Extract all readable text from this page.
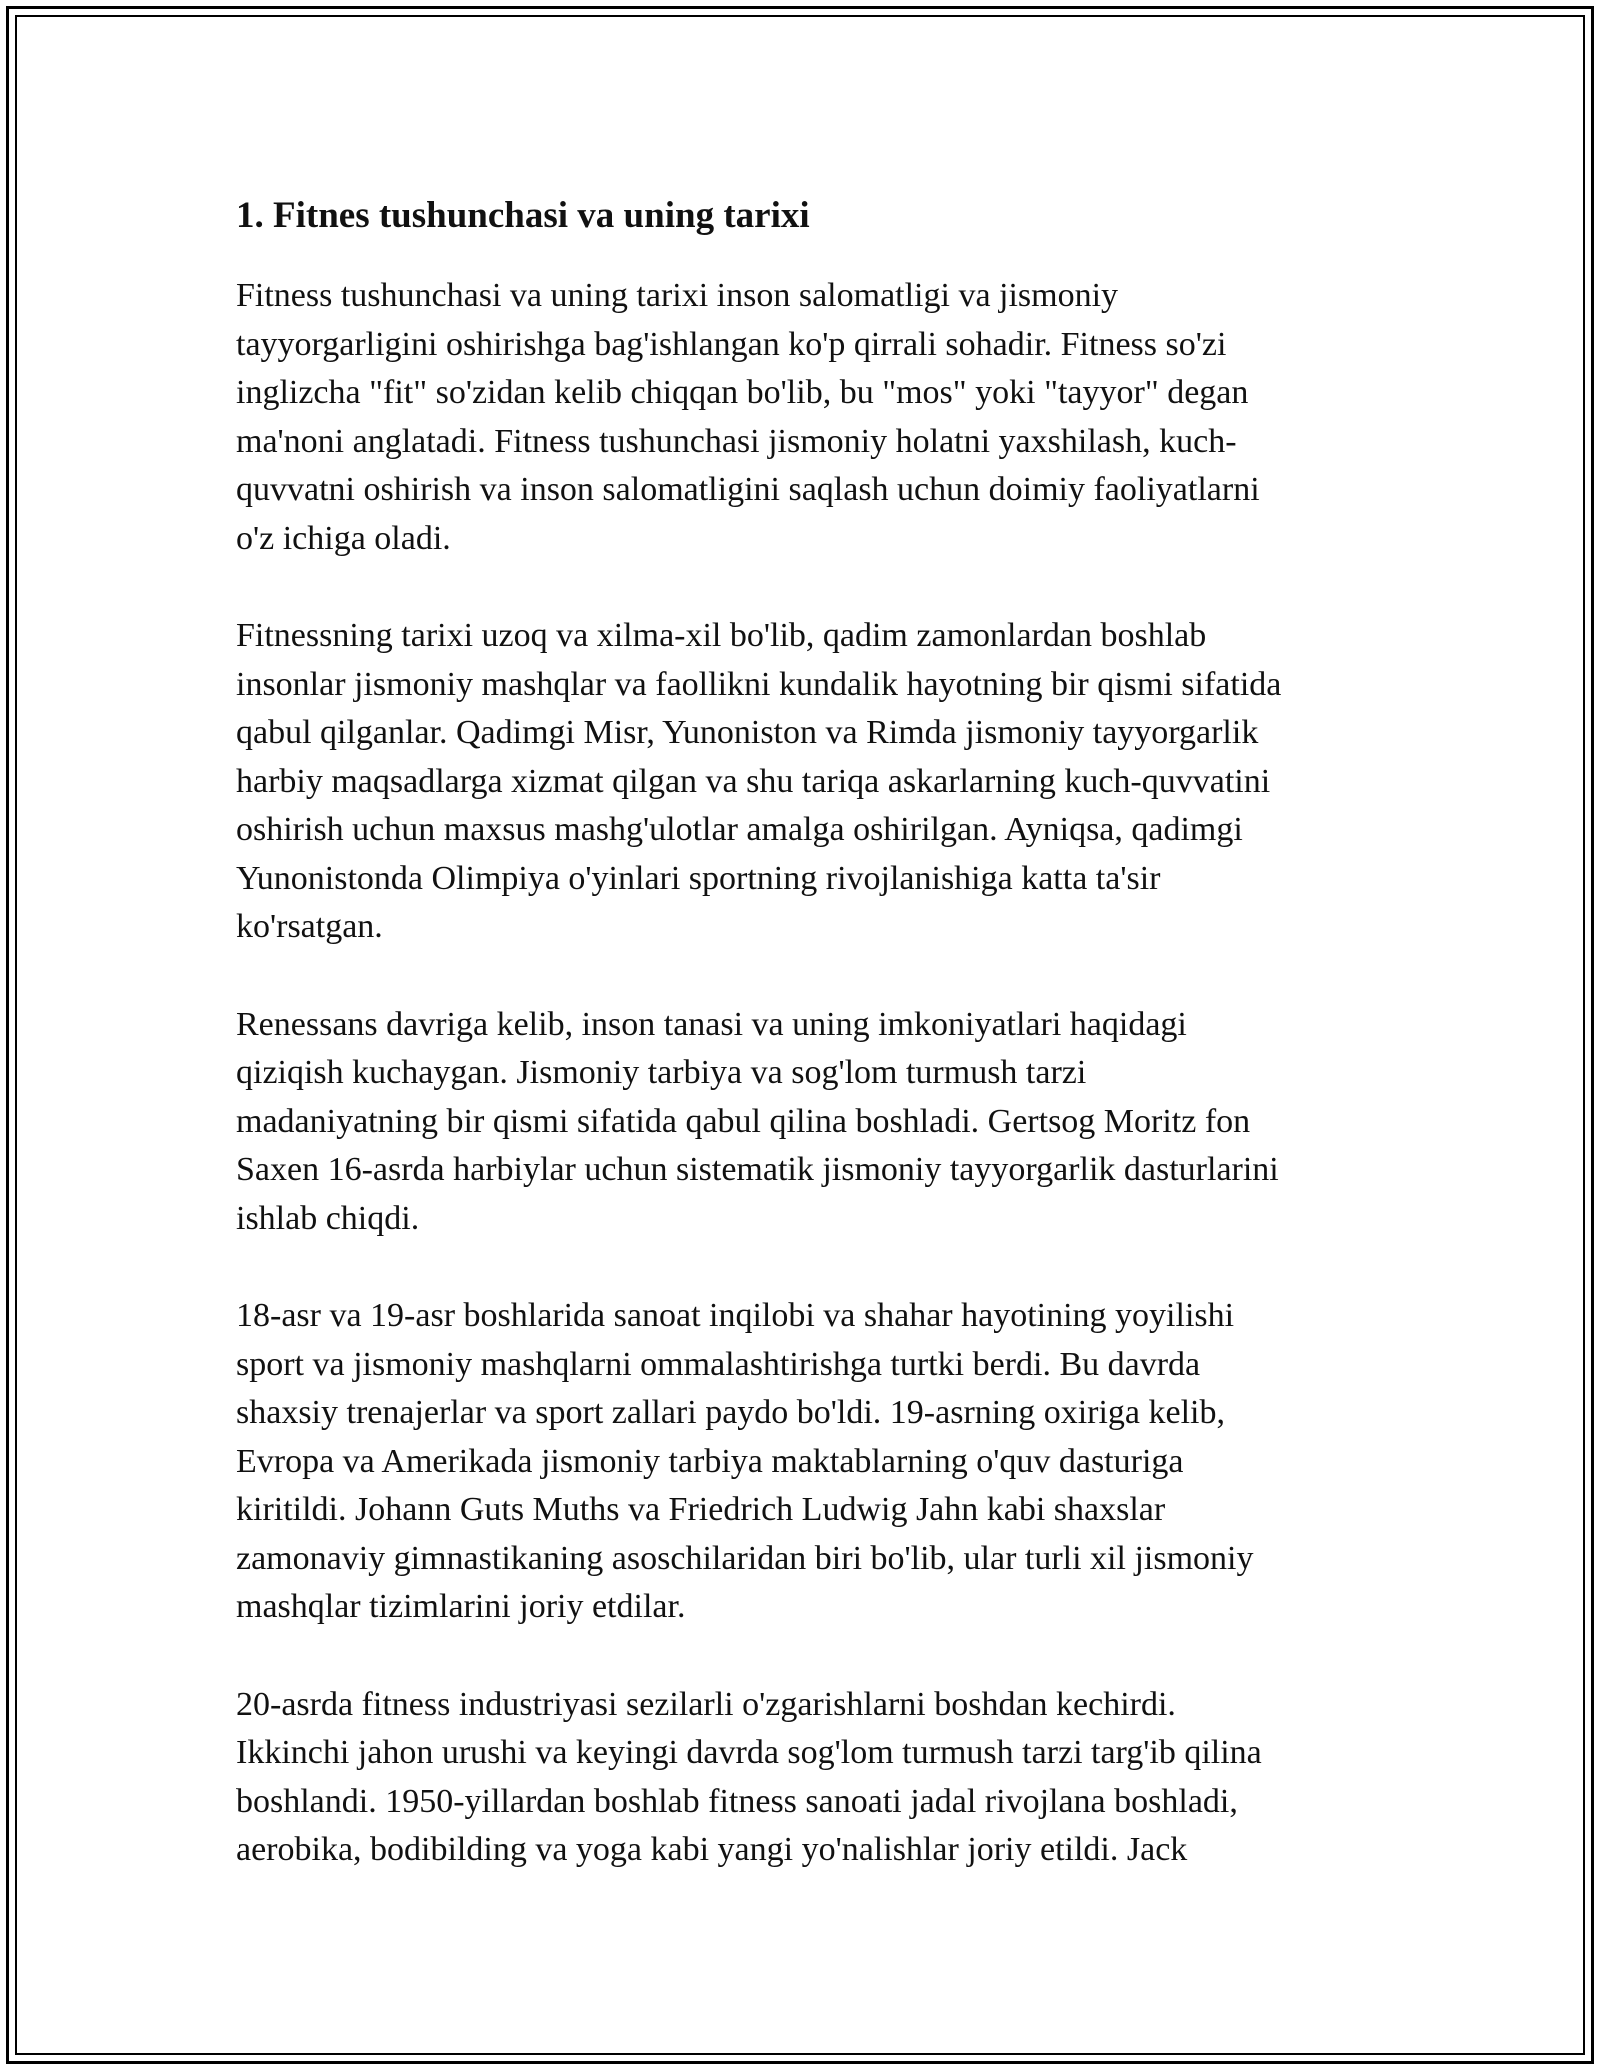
1. Fitnes tushunchasi va uning tarixi

Fitness tushunchasi va uning tarixi inson salomatligi va jismoniy
tayyorgarligini oshirishga bag'ishlangan ko'p qirrali sohadir. Fitness so'zi
inglizcha "fit" so'zidan kelib chiqqan bo'lib, bu "mos" yoki "tayyor" degan
ma'noni anglatadi. Fitness tushunchasi jismoniy holatni yaxshilash, kuch-
quvvatni oshirish va inson salomatligini saqlash uchun doimiy faoliyatlarni
o'z ichiga oladi.

Fitnessning tarixi uzoq va xilma-xil bo'lib, qadim zamonlardan boshlab
insonlar jismoniy mashqlar va faollikni kundalik hayotning bir qismi sifatida
qabul qilganlar. Qadimgi Misr, Yunoniston va Rimda jismoniy tayyorgarlik
harbiy maqsadlarga xizmat qilgan va shu tariqa askarlarning kuch-quvvatini
oshirish uchun maxsus mashg'ulotlar amalga oshirilgan. Ayniqsa, qadimgi
Yunonistonda Olimpiya o'yinlari sportning rivojlanishiga katta ta'sir
ko'rsatgan.

Renessans davriga kelib, inson tanasi va uning imkoniyatlari haqidagi
qiziqish kuchaygan. Jismoniy tarbiya va sog'lom turmush tarzi
madaniyatning bir qismi sifatida qabul qilina boshladi. Gertsog Moritz fon
Saxen 16-asrda harbiylar uchun sistematik jismoniy tayyorgarlik dasturlarini
ishlab chiqdi.

18-asr va 19-asr boshlarida sanoat inqilobi va shahar hayotining yoyilishi
sport va jismoniy mashqlarni ommalashtirishga turtki berdi. Bu davrda
shaxsiy trenajerlar va sport zallari paydo bo'ldi. 19-asrning oxiriga kelib,
Evropa va Amerikada jismoniy tarbiya maktablarning o'quv dasturiga
kiritildi. Johann Guts Muths va Friedrich Ludwig Jahn kabi shaxslar
zamonaviy gimnastikaning asoschilaridan biri bo'lib, ular turli xil jismoniy
mashqlar tizimlarini joriy etdilar.

20-asrda fitness industriyasi sezilarli o'zgarishlarni boshdan kechirdi.
Ikkinchi jahon urushi va keyingi davrda sog'lom turmush tarzi targ'ib qilina
boshlandi. 1950-yillardan boshlab fitness sanoati jadal rivojlana boshladi,
aerobika, bodibilding va yoga kabi yangi yo'nalishlar joriy etildi. Jack
